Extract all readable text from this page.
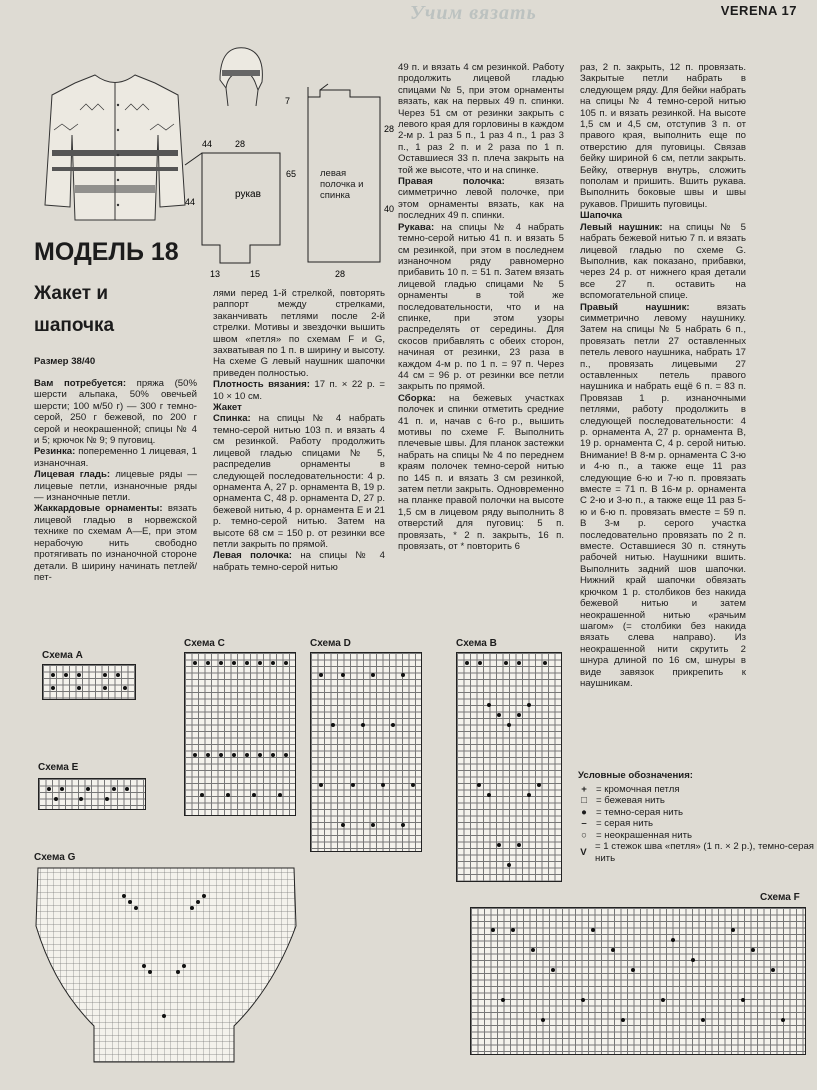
Учим вязать	VERENA 17
44	28
44
рукав
13	15
7
65
28
40
28
левая полочка и спинка
МОДЕЛЬ 18
Жакет и
шапочка
Размер 38/40

Вам потребуется: пряжа (50% шерсти альпака, 50% овечьей шерсти; 100 м/50 г) — 300 г темно-серой, 250 г бежевой, по 200 г серой и неокрашенной; спицы № 4 и 5; крючок № 9; 9 пуговиц.

Резинка: попеременно 1 лицевая, 1 изнаночная.

Лицевая гладь: лицевые ряды — лицевые петли, изнаночные ряды — изнаночные петли.

Жаккардовые орнаменты: вязать лицевой гладью в норвежской технике по схемам А—Е, при этом нерабочую нить свободно протягивать по изнаночной стороне детали. В ширину начинать петлей/пет-

лями перед 1-й стрелкой, повторять раппорт между стрелками, заканчивать петлями после 2-й стрелки. Мотивы и звездочки вышить швом «петля» по схемам F и G, захватывая по 1 п. в ширину и высоту. На схеме G левый наушник шапочки приведен полностью.

Плотность вязания: 17 п. × 22 р. = 10 × 10 см.

Жакет

Спинка: на спицы № 4 набрать темно-серой нитью 103 п. и вязать 4 см резинкой. Работу продолжить лицевой гладью спицами № 5, распределив орнаменты в следующей последовательности: 4 р. орнамента А, 27 р. орнамента В, 19 р. орнамента С, 48 р. орнамента D, 27 р. бежевой нитью, 4 р. орнамента Е и 21 р. темно-серой нитью. Затем на высоте 68 см = 150 р. от резинки все петли закрыть по прямой.

Левая полочка: на спицы № 4 набрать темно-серой нитью

49 п. и вязать 4 см резинкой. Работу продолжить лицевой гладью спицами № 5, при этом орнаменты вязать, как на первых 49 п. спинки. Через 51 см от резинки закрыть с левого края для горловины в каждом 2-м р. 1 раз 5 п., 1 раз 4 п., 1 раз 3 п., 1 раз 2 п. и 2 раза по 1 п. Оставшиеся 33 п. плеча закрыть на той же высоте, что и на спинке.

Правая полочка: вязать симметрично левой полочке, при этом орнаменты вязать, как на последних 49 п. спинки.

Рукава: на спицы № 4 набрать темно-серой нитью 41 п. и вязать 5 см резинкой, при этом в последнем изнаночном ряду равномерно прибавить 10 п. = 51 п. Затем вязать лицевой гладью спицами № 5 орнаменты в той же последовательности, что и на спинке, при этом узоры распределять от середины. Для скосов прибавлять с обеих сторон, начиная от резинки, 23 раза в каждом 4-м р. по 1 п. = 97 п. Через 44 см = 96 р. от резинки все петли закрыть по прямой.

Сборка: на бежевых участках полочек и спинки отметить средние 41 п. и, начав с 6-го р., вышить мотивы по схеме F. Выполнить плечевые швы. Для планок застежки набрать на спицы № 4 по переднем краям полочек темно-серой нитью по 145 п. и вязать 3 см резинкой, затем петли закрыть. Одновременно на планке правой полочки на высоте 1,5 см в лицевом ряду выполнить 8 отверстий для пуговиц: 5 п. провязать, * 2 п. закрыть, 16 п. провязать, от * повторить 6

раз, 2 п. закрыть, 12 п. провязать. Закрытые петли набрать в следующем ряду. Для бейки набрать на спицы № 4 темно-серой нитью 105 п. и вязать резинкой. На высоте 1,5 см и 4,5 см, отступив 3 п. от правого края, выполнить еще по отверстию для пуговицы. Связав бейку шириной 6 см, петли закрыть. Бейку, отвернув внутрь, сложить пополам и пришить. Вшить рукава. Выполнить боковые швы и швы рукавов. Пришить пуговицы.

Шапочка

Левый наушник: на спицы № 5 набрать бежевой нитью 7 п. и вязать лицевой гладью по схеме G. Выполнив, как показано, прибавки, через 24 р. от нижнего края детали все 27 п. оставить на вспомогательной спице.

Правый наушник: вязать симметрично левому наушнику. Затем на спицы № 5 набрать 6 п., провязать петли 27 оставленных петель левого наушника, набрать 17 п., провязать лицевыми 27 оставленных петель правого наушника и набрать ещё 6 п. = 83 п. Провязав 1 р. изнаночными петлями, работу продолжить в следующей последовательности: 4 р. орнамента А, 27 р. орнамента В, 19 р. орнамента С, 4 р. серой нитью. Внимание! В 8-м р. орнамента С 3-ю и 4-ю п., а также еще 11 раз следующие 6-ю и 7-ю п. провязать вместе = 71 п. В 16-м р. орнамента С 2-ю и 3-ю п., а также еще 11 раз 5-ю и 6-ю п. провязать вместе = 59 п. В 3-м р. серого участка последовательно провязать по 2 п. вместе. Оставшиеся 30 п. стянуть рабочей нитью. Наушники вшить. Выполнить задний шов шапочки. Нижний край шапочки обвязать крючком 1 р. столбиков без накида бежевой нитью и затем неокрашенной нитью «рачьим шагом» (= столбики без накида вязать слева направо). Из неокрашенной нити скрутить 2 шнура длиной по 16 см, шнуры в виде завязок прикрепить к наушникам.

Схема A
Схема C	Схема D	Схема B
Схема E
Схема G
Схема F
Условные обозначения:
+ = кромочная петля
□ = бежевая нить
● = темно-серая нить
– = серая нить
○ = неокрашенная нить
V
= 1 стежок шва «петля» (1 п. × 2 р.), темно-серая нить
